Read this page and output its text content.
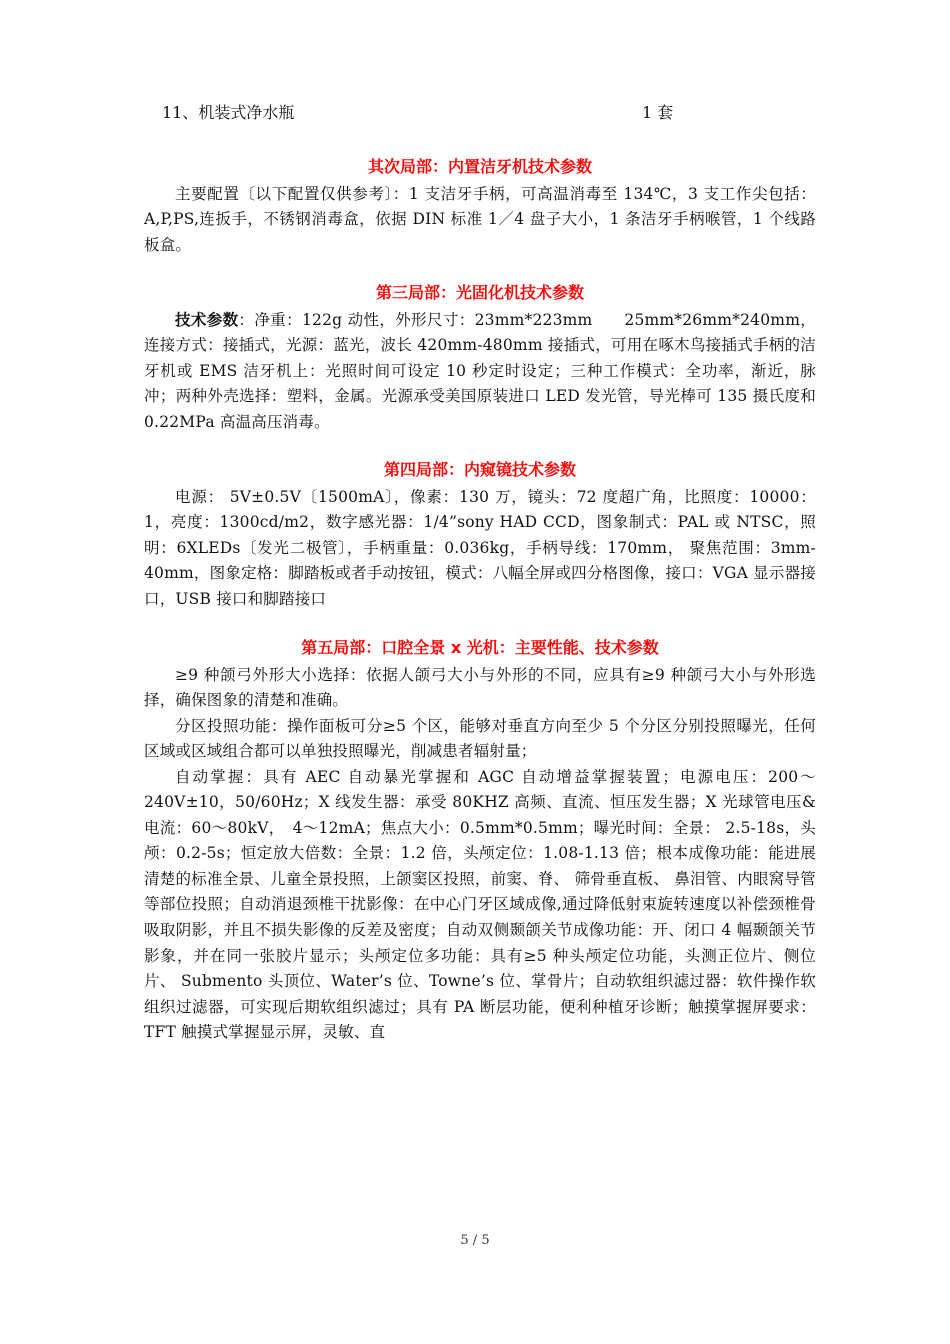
11、机装式净水瓶	1 套
其次局部：内置洁牙机技术参数

主要配置〔以下配置仅供参考〕：1 支洁牙手柄，可高温消毒至 134℃，3 支工作尖包括：A,P,PS,连扳手，不锈钢消毒盒，依据 DIN 标准 1／4 盘子大小，1 条洁牙手柄喉管，1 个线路板盒。

第三局部：光固化机技术参数

技术参数：净重：122g 动性，外形尺寸：23mm*223mm　　25mm*26mm*240mm，连接方式：接插式，光源：蓝光，波长 420mm-480mm 接插式，可用在啄木鸟接插式手柄的洁牙机或 EMS 洁牙机上：光照时间可设定 10 秒定时设定；三种工作模式：全功率，渐近，脉冲；两种外壳选择：塑料，金属。光源承受美国原装进口 LED 发光管，导光棒可 135 摄氏度和 0.22MPa 高温高压消毒。

第四局部：内窥镜技术参数

电源： 5V±0.5V〔1500mA〕，像素：130 万，镜头：72 度超广角，比照度：10000：1，亮度：1300cd/m2，数字感光器：1/4”sony HAD CCD，图象制式：PAL 或 NTSC，照明：6XLEDs〔发光二极管〕，手柄重量：0.036kg，手柄导线：170mm， 聚焦范围：3mm-40mm，图象定格：脚踏板或者手动按钮，模式：八幅全屏或四分格图像，接口：VGA 显示器接口，USB 接口和脚踏接口

第五局部：口腔全景 x 光机：主要性能、技术参数

≥9 种颌弓外形大小选择：依据人颌弓大小与外形的不同，应具有≥9 种颌弓大小与外形选择，确保图象的清楚和准确。

分区投照功能：操作面板可分≥5 个区，能够对垂直方向至少 5 个分区分别投照曝光，任何区域或区域组合都可以单独投照曝光，削减患者辐射量；

自动掌握：具有 AEC 自动暴光掌握和 AGC 自动增益掌握装置；电源电压：200～ 240V±10，50/60Hz；X 线发生器：承受 80KHZ 高频、直流、恒压发生器；X 光球管电压&电流：60～80kV，　4～12mA；焦点大小：0.5mm*0.5mm；曝光时间：全景： 2.5-18s，头颅：0.2-5s；恒定放大倍数：全景：1.2 倍，头颅定位：1.08-1.13 倍；根本成像功能：能进展清楚的标准全景、儿童全景投照，上颌窦区投照，前窦、脊、 筛骨垂直板、 鼻泪管、内眼窝导管等部位投照；自动消退颈椎干扰影像：在中心门牙区域成像,通过降低射束旋转速度以补偿颈椎骨吸取阴影，并且不损失影像的反差及密度；自动双侧颞颌关节成像功能：开、闭口 4 幅颞颌关节影象，并在同一张胶片显示；头颅定位多功能：具有≥5 种头颅定位功能，头测正位片、侧位片、 Submento 头顶位、Water’s 位、Towne’s 位、掌骨片；自动软组织滤过器：软件操作软组织过滤器，可实现后期软组织滤过；具有 PA 断层功能，便利种植牙诊断；触摸掌握屏要求：TFT 触摸式掌握显示屏，灵敏、直

5 / 5
